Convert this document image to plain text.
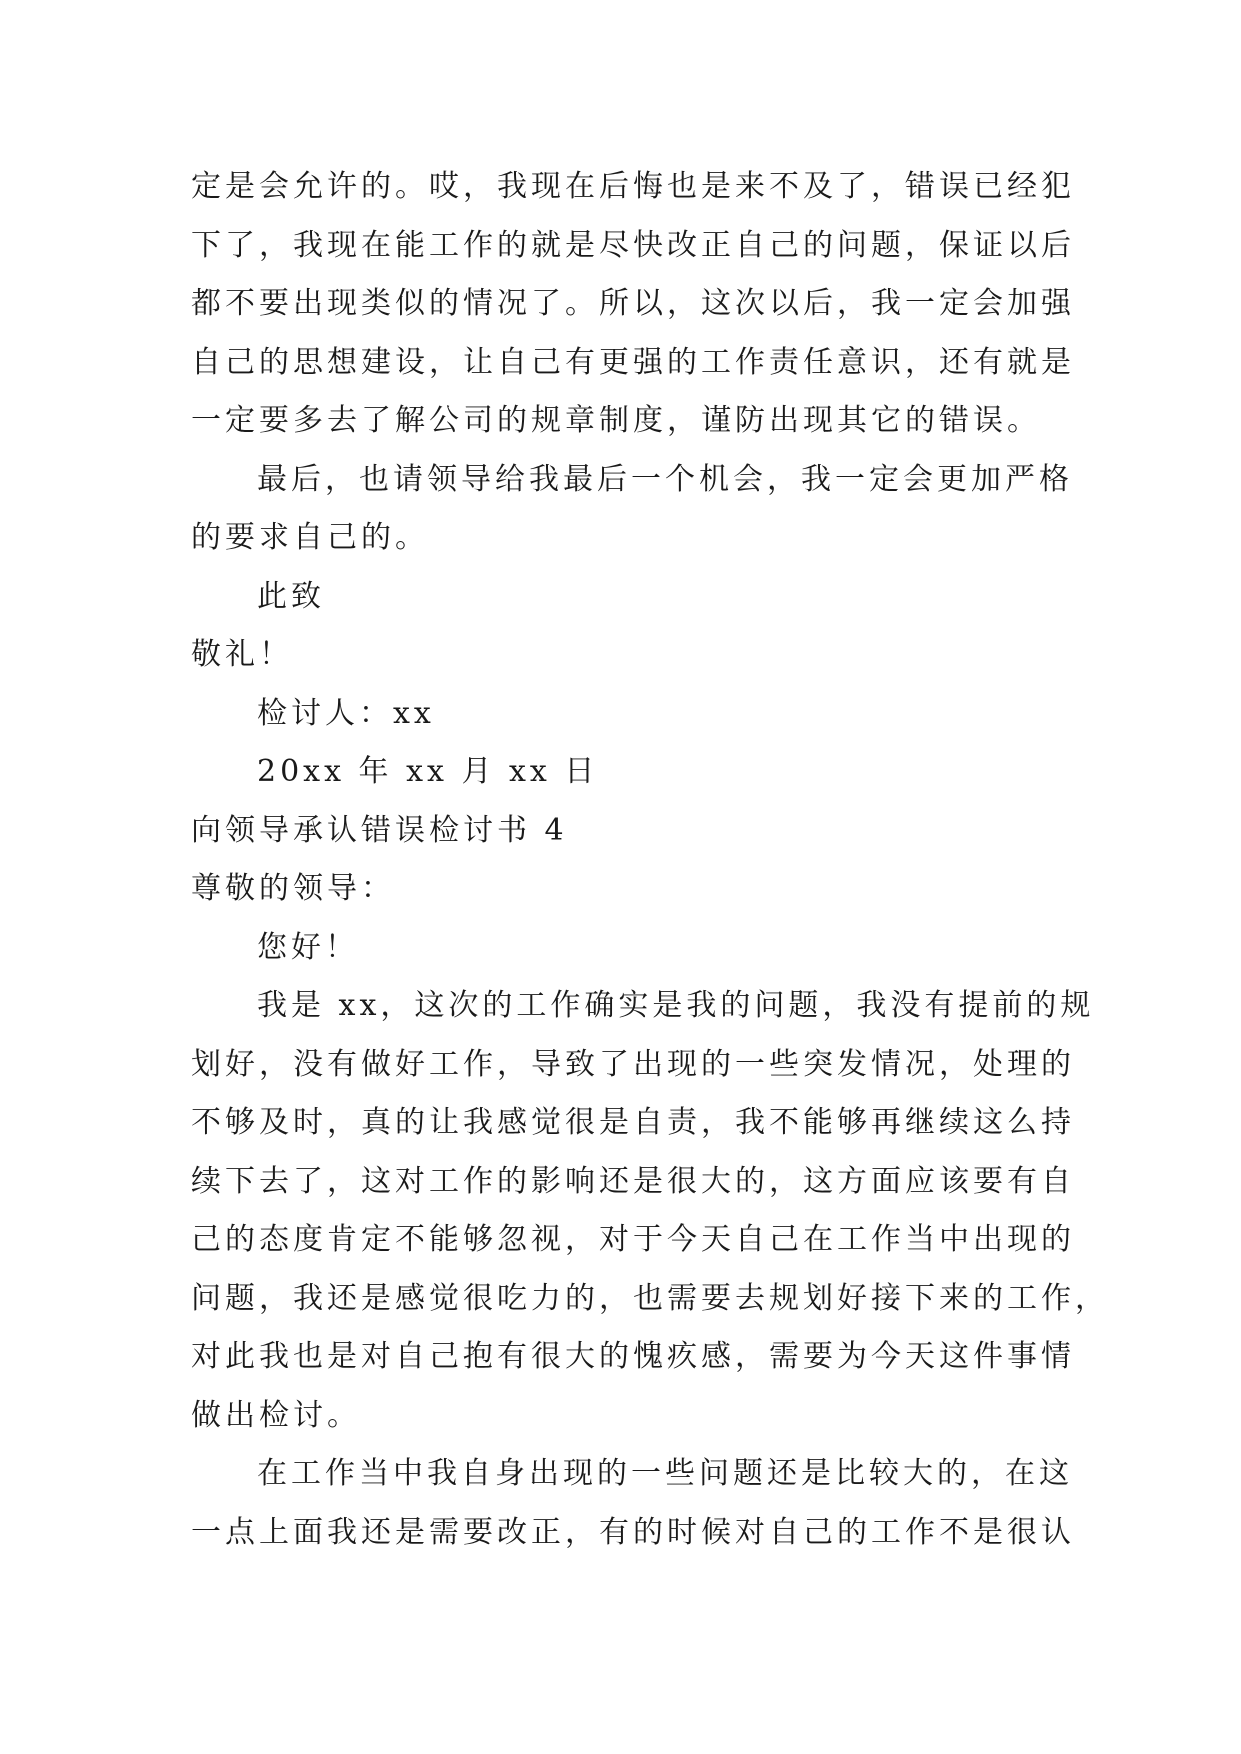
定是会允许的。哎，我现在后悔也是来不及了，错误已经犯
下了，我现在能工作的就是尽快改正自己的问题，保证以后
都不要出现类似的情况了。所以，这次以后，我一定会加强
自己的思想建设，让自己有更强的工作责任意识，还有就是
一定要多去了解公司的规章制度，谨防出现其它的错误。
最后，也请领导给我最后一个机会，我一定会更加严格
的要求自己的。
此致
敬礼！
检讨人：xx
20xx 年 xx 月 xx 日
向领导承认错误检讨书 4
尊敬的领导：
您好！
我是 xx，这次的工作确实是我的问题，我没有提前的规
划好，没有做好工作，导致了出现的一些突发情况，处理的
不够及时，真的让我感觉很是自责，我不能够再继续这么持
续下去了，这对工作的影响还是很大的，这方面应该要有自
己的态度肯定不能够忽视，对于今天自己在工作当中出现的
问题，我还是感觉很吃力的，也需要去规划好接下来的工作，
对此我也是对自己抱有很大的愧疚感，需要为今天这件事情
做出检讨。
在工作当中我自身出现的一些问题还是比较大的，在这
一点上面我还是需要改正，有的时候对自己的工作不是很认
